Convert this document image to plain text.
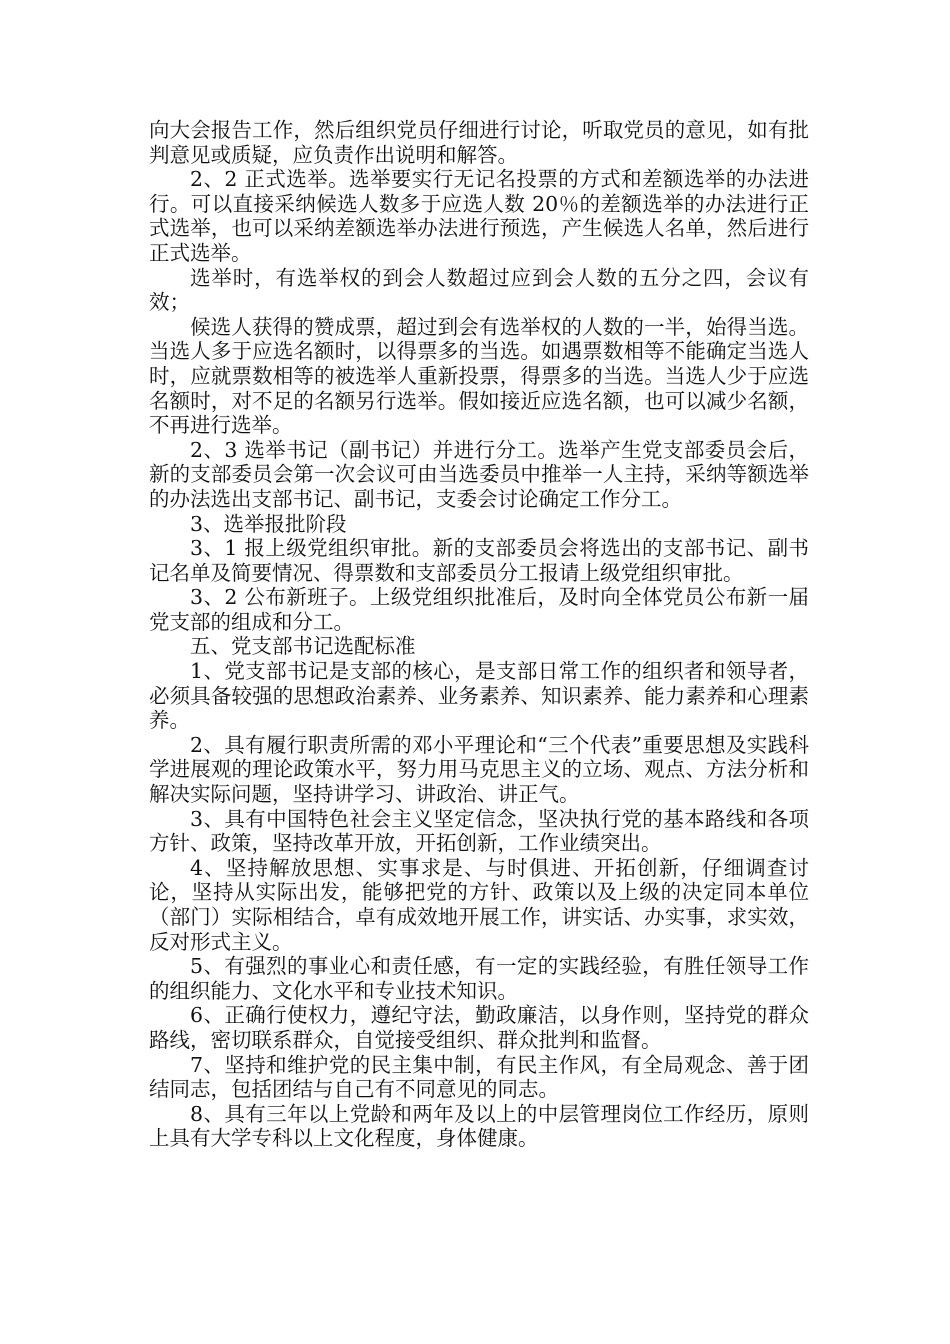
向大会报告工作，然后组织党员仔细进行讨论，听取党员的意见，如有批判意见或质疑，应负责作出说明和解答。

2、2 正式选举。选举要实行无记名投票的方式和差额选举的办法进行。可以直接采纳候选人数多于应选人数 20％的差额选举的办法进行正式选举，也可以采纳差额选举办法进行预选，产生候选人名单，然后进行正式选举。

选举时，有选举权的到会人数超过应到会人数的五分之四，会议有效；

候选人获得的赞成票，超过到会有选举权的人数的一半，始得当选。当选人多于应选名额时，以得票多的当选。如遇票数相等不能确定当选人时，应就票数相等的被选举人重新投票，得票多的当选。当选人少于应选名额时，对不足的名额另行选举。假如接近应选名额，也可以减少名额，不再进行选举。

2、3 选举书记（副书记）并进行分工。选举产生党支部委员会后，新的支部委员会第一次会议可由当选委员中推举一人主持，采纳等额选举的办法选出支部书记、副书记，支委会讨论确定工作分工。

3、选举报批阶段

3、1 报上级党组织审批。新的支部委员会将选出的支部书记、副书记名单及简要情况、得票数和支部委员分工报请上级党组织审批。

3、2 公布新班子。上级党组织批准后，及时向全体党员公布新一届党支部的组成和分工。

五、党支部书记选配标准

1、党支部书记是支部的核心，是支部日常工作的组织者和领导者，必须具备较强的思想政治素养、业务素养、知识素养、能力素养和心理素养。

2、具有履行职责所需的邓小平理论和“三个代表”重要思想及实践科学进展观的理论政策水平，努力用马克思主义的立场、观点、方法分析和解决实际问题，坚持讲学习、讲政治、讲正气。

3、具有中国特色社会主义坚定信念，坚决执行党的基本路线和各项方针、政策，坚持改革开放，开拓创新，工作业绩突出。

4、坚持解放思想、实事求是、与时俱进、开拓创新，仔细调查讨论，坚持从实际出发，能够把党的方针、政策以及上级的决定同本单位（部门）实际相结合，卓有成效地开展工作，讲实话、办实事，求实效，反对形式主义。

5、有强烈的事业心和责任感，有一定的实践经验，有胜任领导工作的组织能力、文化水平和专业技术知识。

6、正确行使权力，遵纪守法，勤政廉洁，以身作则，坚持党的群众路线，密切联系群众，自觉接受组织、群众批判和监督。

7、坚持和维护党的民主集中制，有民主作风，有全局观念、善于团结同志，包括团结与自己有不同意见的同志。

8、具有三年以上党龄和两年及以上的中层管理岗位工作经历，原则上具有大学专科以上文化程度，身体健康。
